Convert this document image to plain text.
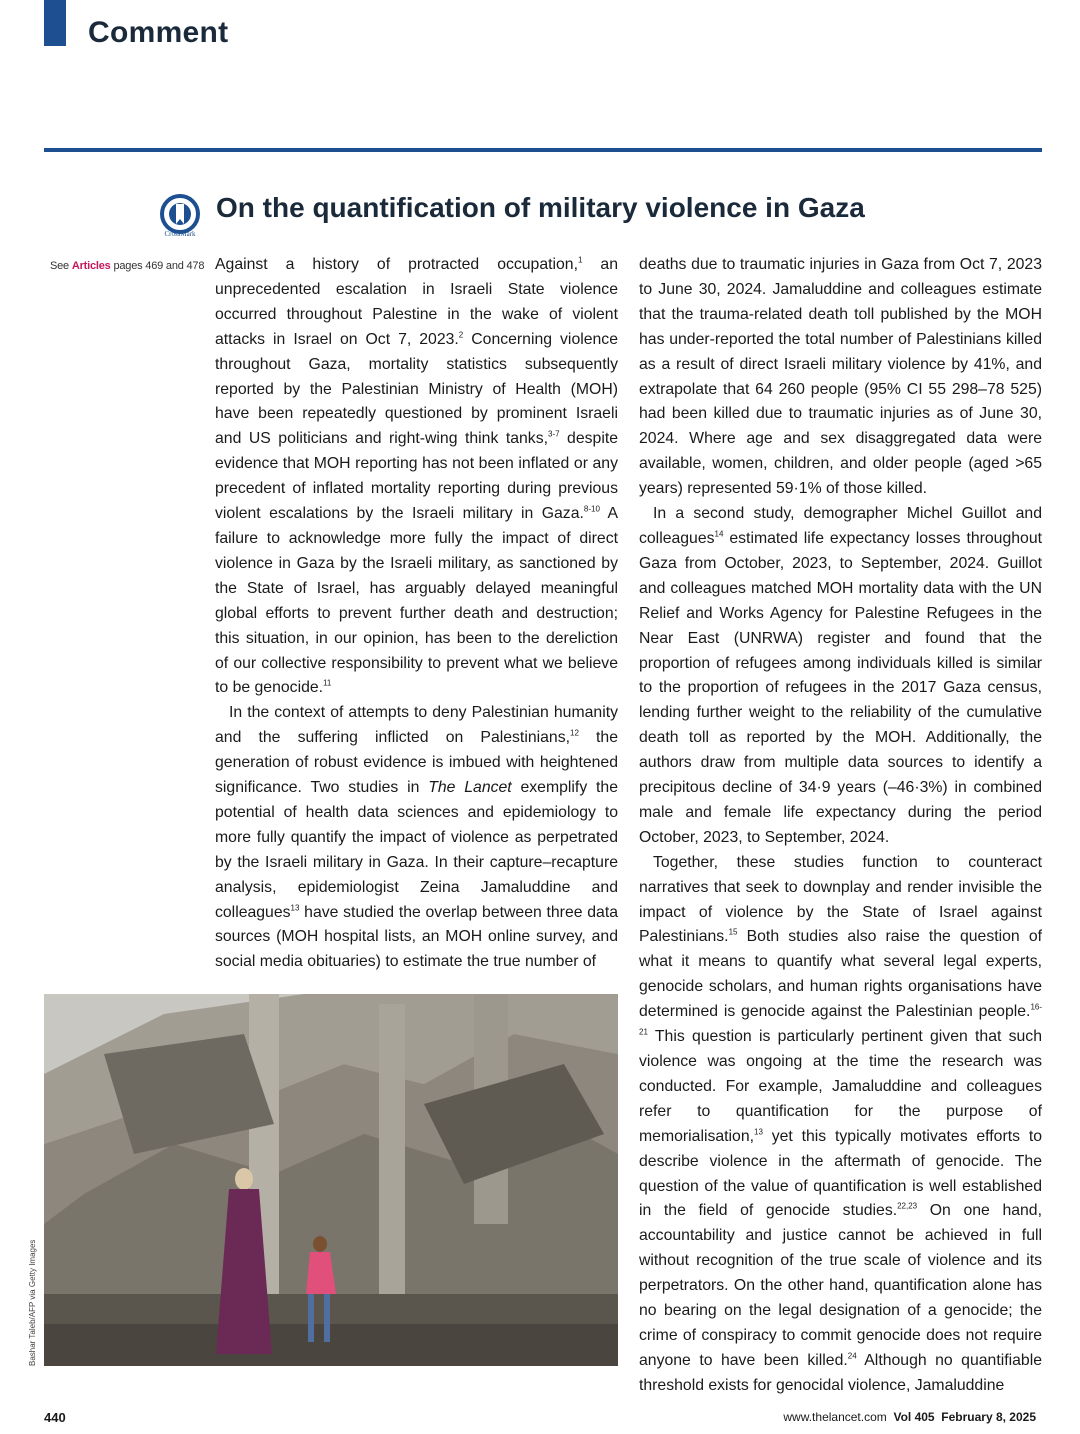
Comment
CrossMark
On the quantification of military violence in Gaza
See Articles pages 469 and 478 Against a history of protracted occupation,$^1$ an unprecedented escalation in Israeli State violence occurred throughout Palestine in the wake of violent attacks in Israel on Oct 7, 2023.$^2$ Concerning violence throughout Gaza, mortality statistics subsequently reported by the Palestinian Ministry of Health (MOH) have been repeatedly questioned by prominent Israeli and US politicians and right-wing think tanks,$^{3-7}$ despite evidence that MOH reporting has not been inflated or any precedent of inflated mortality reporting during previous violent escalations by the Israeli military in Gaza.$^{8-10}$ A failure to acknowledge more fully the impact of direct violence in Gaza by the Israeli military, as sanctioned by the State of Israel, has arguably delayed meaningful global efforts to prevent further death and destruction; this situation, in our opinion, has been to the dereliction of our collective responsibility to prevent what we believe to be genocide.$^{11}$

In the context of attempts to deny Palestinian humanity and the suffering inflicted on Palestinians,$^{12}$ the generation of robust evidence is imbued with heightened significance. Two studies in The Lancet exemplify the potential of health data sciences and epidemiology to more fully quantify the impact of violence as perpetrated by the Israeli military in Gaza. In their capture–recapture analysis, epidemiologist Zeina Jamaluddine and colleagues$^{13}$ have studied the overlap between three data sources (MOH hospital lists, an MOH online survey, and social media obituaries) to estimate the true number of

deaths due to traumatic injuries in Gaza from Oct 7, 2023 to June 30, 2024. Jamaluddine and colleagues estimate that the trauma-related death toll published by the MOH has under-reported the total number of Palestinians killed as a result of direct Israeli military violence by 41%, and extrapolate that 64 260 people (95% CI 55 298–78 525) had been killed due to traumatic injuries as of June 30, 2024. Where age and sex disaggregated data were available, women, children, and older people (aged >65 years) represented 59·1% of those killed.

In a second study, demographer Michel Guillot and colleagues$^{14}$ estimated life expectancy losses throughout Gaza from October, 2023, to September, 2024. Guillot and colleagues matched MOH mortality data with the UN Relief and Works Agency for Palestine Refugees in the Near East (UNRWA) register and found that the proportion of refugees among individuals killed is similar to the proportion of refugees in the 2017 Gaza census, lending further weight to the reliability of the cumulative death toll as reported by the MOH. Additionally, the authors draw from multiple data sources to identify a precipitous decline of 34·9 years (–46·3%) in combined male and female life expectancy during the period October, 2023, to September, 2024.

Together, these studies function to counteract narratives that seek to downplay and render invisible the impact of violence by the State of Israel against Palestinians.$^{15}$ Both studies also raise the question of what it means to quantify what several legal experts, genocide scholars, and human rights organisations have determined is genocide against the Palestinian people.$^{16-21}$ This question is particularly pertinent given that such violence was ongoing at the time the research was conducted. For example, Jamaluddine and colleagues refer to quantification for the purpose of memorialisation,$^{13}$ yet this typically motivates efforts to describe violence in the aftermath of genocide. The question of the value of quantification is well established in the field of genocide studies.$^{22,23}$ On one hand, accountability and justice cannot be achieved in full without recognition of the true scale of violence and its perpetrators. On the other hand, quantification alone has no bearing on the legal designation of a genocide; the crime of conspiracy to commit genocide does not require anyone to have been killed.$^{24}$ Although no quantifiable threshold exists for genocidal violence, Jamaluddine

Bashar Taleb/AFP via Getty Images
440	www.thelancet.com Vol 405 February 8, 2025
